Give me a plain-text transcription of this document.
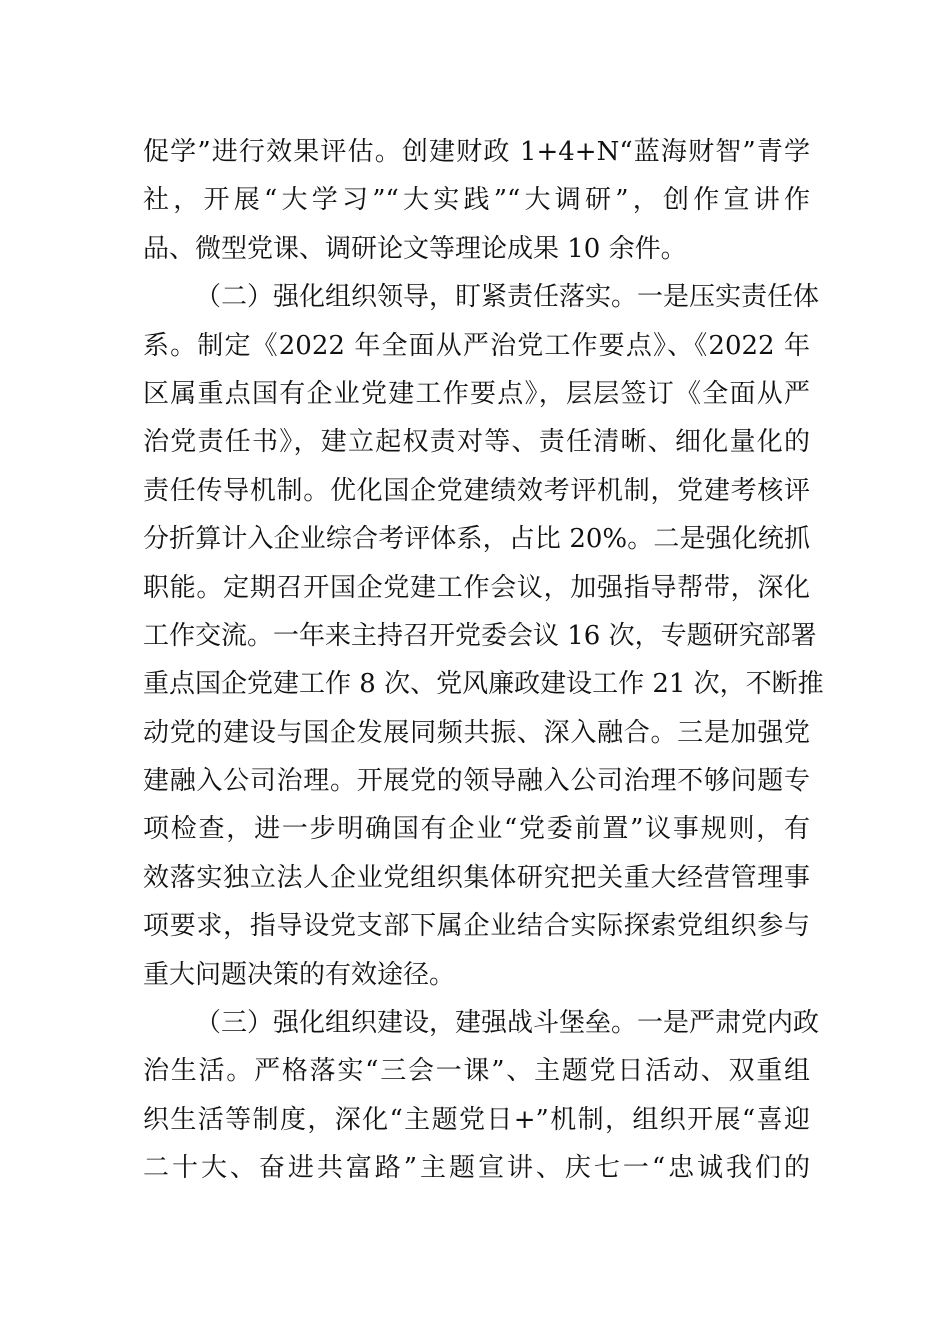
促学”进行效果评估。创建财政 1+4+N“蓝海财智”青学
社，开展“大学习”“大实践”“大调研”，创作宣讲作
品、微型党课、调研论文等理论成果 10 余件。
（二）强化组织领导，盯紧责任落实。一是压实责任体
系。制定《2022 年全面从严治党工作要点》、《2022 年
区属重点国有企业党建工作要点》，层层签订《全面从严
治党责任书》，建立起权责对等、责任清晰、细化量化的
责任传导机制。优化国企党建绩效考评机制，党建考核评
分折算计入企业综合考评体系，占比 20%。二是强化统抓
职能。定期召开国企党建工作会议，加强指导帮带，深化
工作交流。一年来主持召开党委会议 16 次，专题研究部署
重点国企党建工作 8 次、党风廉政建设工作 21 次，不断推
动党的建设与国企发展同频共振、深入融合。三是加强党
建融入公司治理。开展党的领导融入公司治理不够问题专
项检查，进一步明确国有企业“党委前置”议事规则，有
效落实独立法人企业党组织集体研究把关重大经营管理事
项要求，指导设党支部下属企业结合实际探索党组织参与
重大问题决策的有效途径。
（三）强化组织建设，建强战斗堡垒。一是严肃党内政
治生活。严格落实“三会一课”、主题党日活动、双重组
织生活等制度，深化“主题党日+”机制，组织开展“喜迎
二十大、奋进共富路”主题宣讲、庆七一“忠诚我们的
